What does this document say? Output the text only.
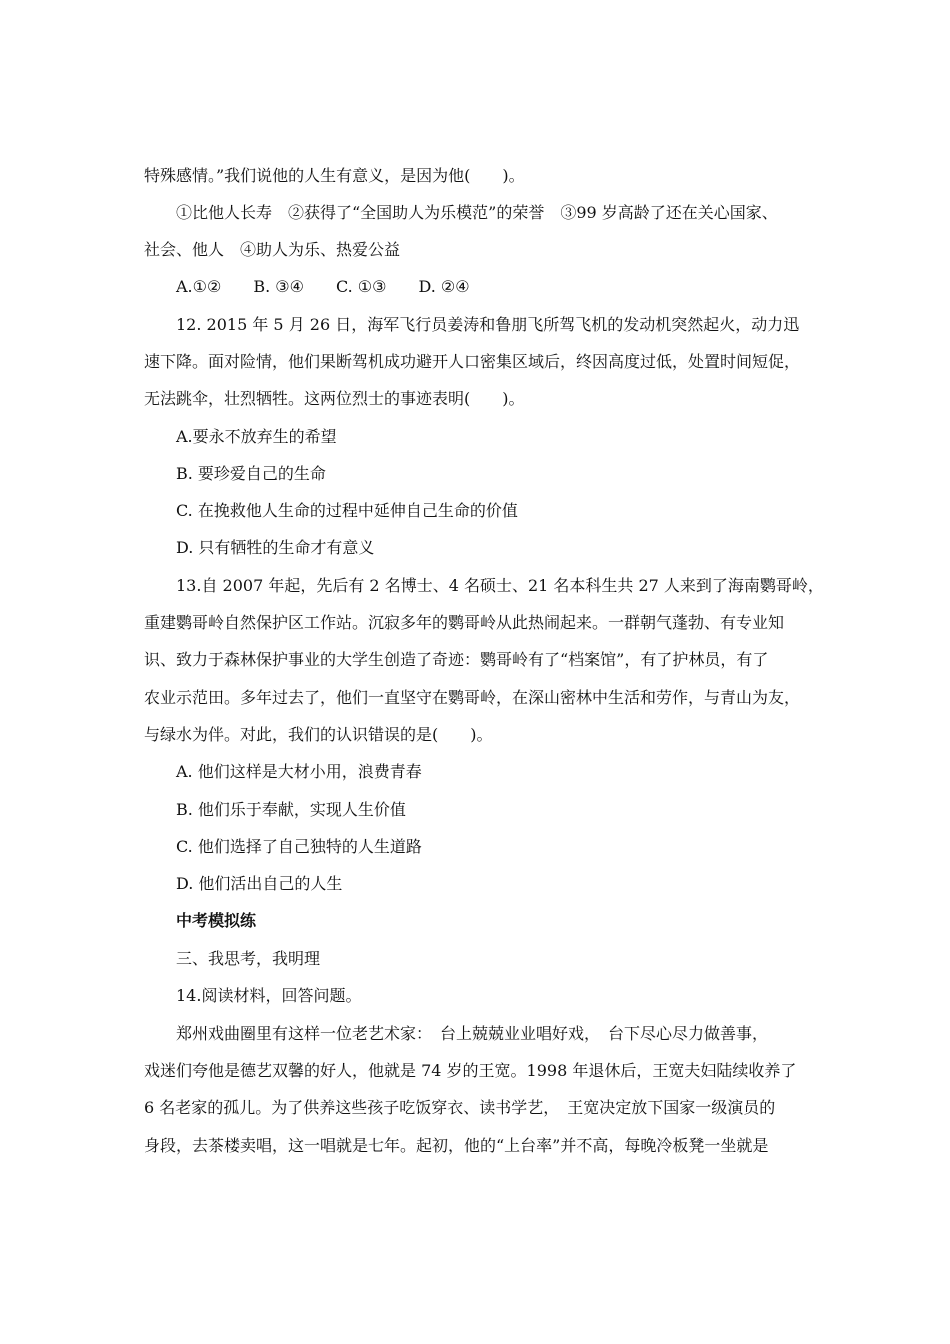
特殊感情。”我们说他的人生有意义，是因为他(　　)。
①比他人长寿　②获得了“全国助人为乐模范”的荣誉　③99 岁高龄了还在关心国家、
社会、他人　④助人为乐、热爱公益
A.①②　　B. ③④　　C. ①③　　D. ②④
12. 2015 年 5 月 26 日，海军飞行员姜涛和鲁朋飞所驾飞机的发动机突然起火，动力迅
速下降。面对险情，他们果断驾机成功避开人口密集区域后，终因高度过低，处置时间短促，
无法跳伞，壮烈牺牲。这两位烈士的事迹表明(　　)。
A.要永不放弃生的希望
B. 要珍爱自己的生命
C. 在挽救他人生命的过程中延伸自己生命的价值
D. 只有牺牲的生命才有意义
13.自 2007 年起，先后有 2 名博士、4 名硕士、21 名本科生共 27 人来到了海南鹦哥岭，
重建鹦哥岭自然保护区工作站。沉寂多年的鹦哥岭从此热闹起来。一群朝气蓬勃、有专业知
识、致力于森林保护事业的大学生创造了奇迹：鹦哥岭有了“档案馆”，有了护林员，有了
农业示范田。多年过去了，他们一直坚守在鹦哥岭，在深山密林中生活和劳作，与青山为友，
与绿水为伴。对此，我们的认识错误的是(　　)。
A. 他们这样是大材小用，浪费青春
B. 他们乐于奉献，实现人生价值
C. 他们选择了自己独特的人生道路
D. 他们活出自己的人生
中考模拟练
三、我思考，我明理
14.阅读材料，回答问题。
郑州戏曲圈里有这样一位老艺术家：　台上兢兢业业唱好戏，　台下尽心尽力做善事，
戏迷们夸他是德艺双馨的好人，他就是 74 岁的王宽。1998 年退休后，王宽夫妇陆续收养了
6 名老家的孤儿。为了供养这些孩子吃饭穿衣、读书学艺，　王宽决定放下国家一级演员的
身段，去茶楼卖唱，这一唱就是七年。起初，他的“上台率”并不高，每晚冷板凳一坐就是
